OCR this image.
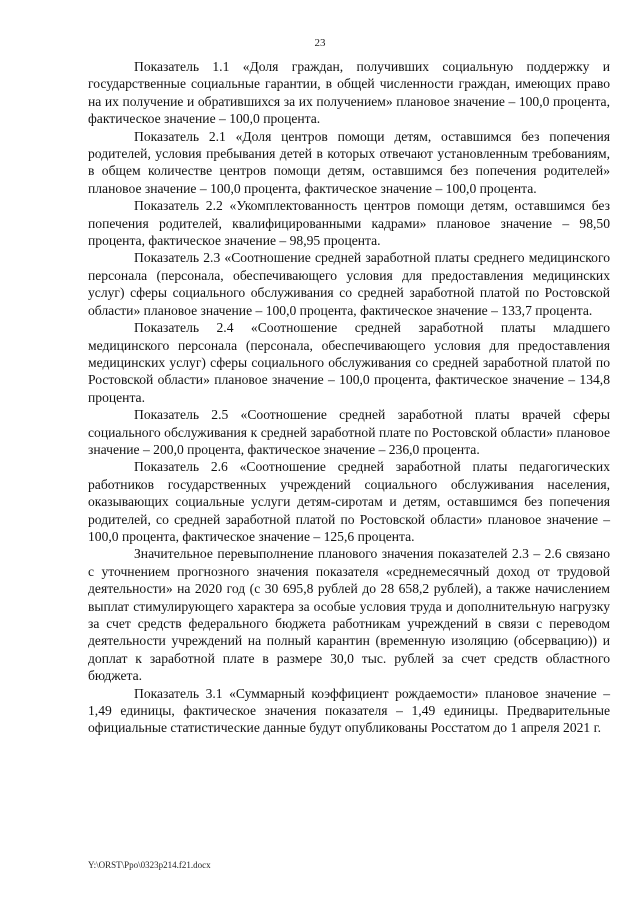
23

Показатель 1.1 «Доля граждан, получивших социальную поддержку и государственные социальные гарантии, в общей численности граждан, имеющих право на их получение и обратившихся за их получением» плановое значение – 100,0 процента, фактическое значение – 100,0 процента.

Показатель 2.1 «Доля центров помощи детям, оставшимся без попечения родителей, условия пребывания детей в которых отвечают установленным требованиям, в общем количестве центров помощи детям, оставшимся без попечения родителей» плановое значение – 100,0 процента, фактическое значение – 100,0 процента.

Показатель 2.2 «Укомплектованность центров помощи детям, оставшимся без попечения родителей, квалифицированными кадрами» плановое значение – 98,50 процента, фактическое значение – 98,95 процента.

Показатель 2.3 «Соотношение средней заработной платы среднего медицинского персонала (персонала, обеспечивающего условия для предоставления медицинских услуг) сферы социального обслуживания со средней заработной платой по Ростовской области» плановое значение – 100,0 процента, фактическое значение – 133,7 процента.

Показатель 2.4 «Соотношение средней заработной платы младшего медицинского персонала (персонала, обеспечивающего условия для предоставления медицинских услуг) сферы социального обслуживания со средней заработной платой по Ростовской области» плановое значение – 100,0 процента, фактическое значение – 134,8 процента.

Показатель 2.5 «Соотношение средней заработной платы врачей сферы социального обслуживания к средней заработной плате по Ростовской области» плановое значение – 200,0 процента, фактическое значение – 236,0 процента.

Показатель 2.6 «Соотношение средней заработной платы педагогических работников государственных учреждений социального обслуживания населения, оказывающих социальные услуги детям-сиротам и детям, оставшимся без попечения родителей, со средней заработной платой по Ростовской области» плановое значение – 100,0 процента, фактическое значение – 125,6 процента.

Значительное перевыполнение планового значения показателей 2.3 – 2.6 связано с уточнением прогнозного значения показателя «среднемесячный доход от трудовой деятельности» на 2020 год (с 30 695,8 рублей до 28 658,2 рублей), а также начислением выплат стимулирующего характера за особые условия труда и дополнительную нагрузку за счет средств федерального бюджета работникам учреждений в связи с переводом деятельности учреждений на полный карантин (временную изоляцию (обсервацию)) и доплат к заработной плате в размере 30,0 тыс. рублей за счет средств областного бюджета.

Показатель 3.1 «Суммарный коэффициент рождаемости» плановое значение – 1,49 единицы, фактическое значения показателя – 1,49 единицы. Предварительные официальные статистические данные будут опубликованы Росстатом до 1 апреля 2021 г.

Y:\ORST\Ppo\0323p214.f21.docx
